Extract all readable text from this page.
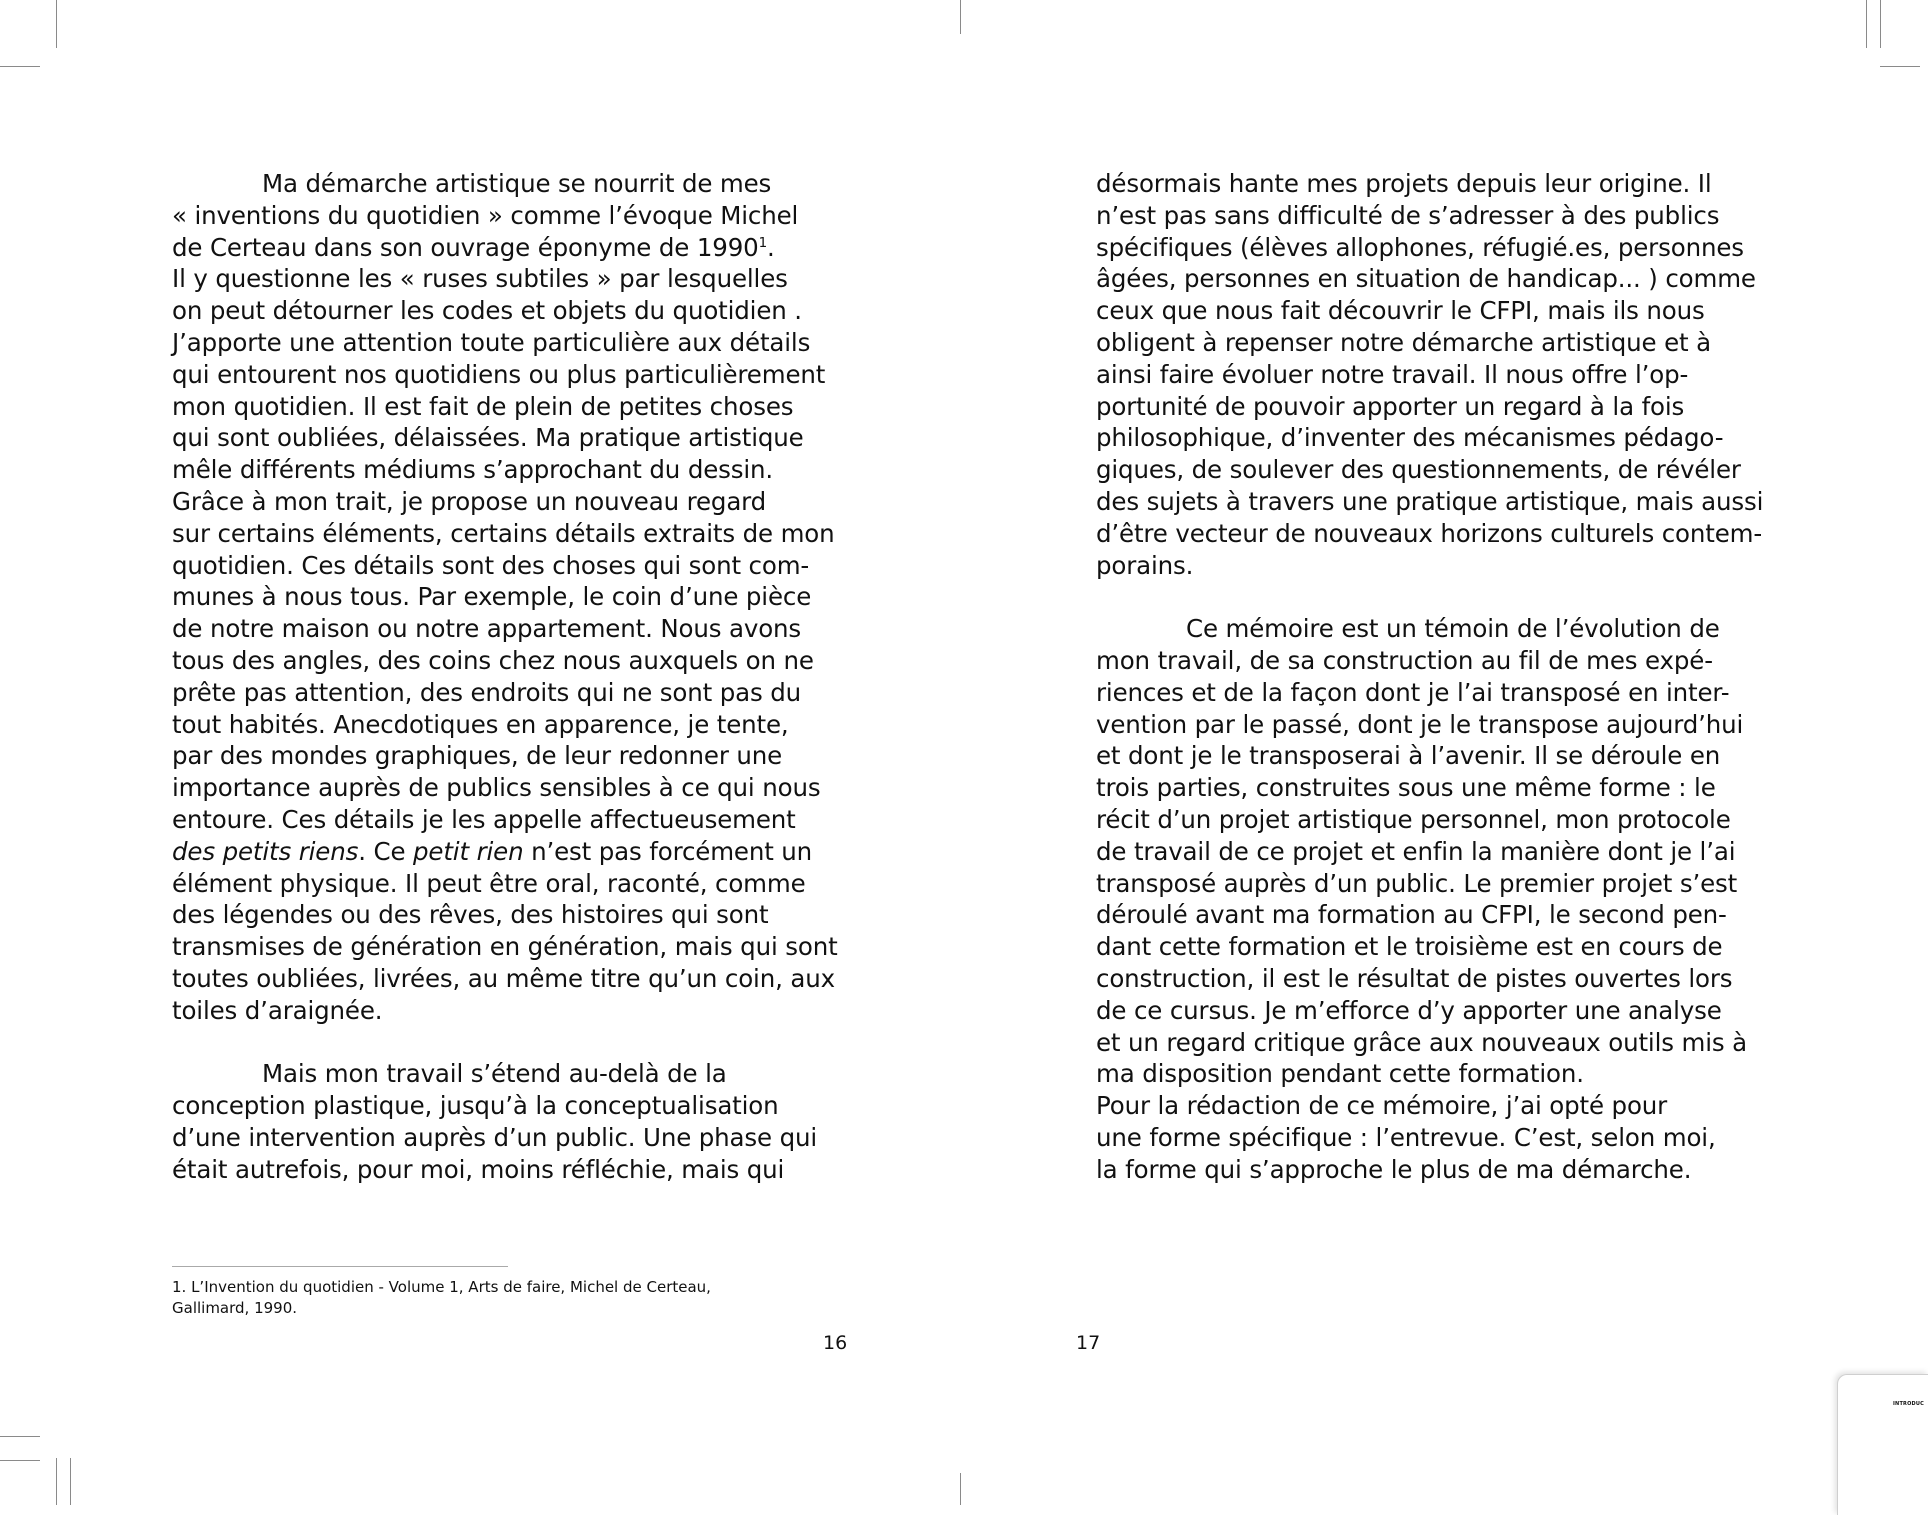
Ma démarche artistique se nourrit de mes
« inventions du quotidien » comme l’évoque Michel
de Certeau dans son ouvrage éponyme de 1990$^1$.
Il y questionne les « ruses subtiles » par lesquelles
on peut détourner les codes et objets du quotidien .
J’apporte une attention toute particulière aux détails
qui entourent nos quotidiens ou plus particulièrement
mon quotidien. Il est fait de plein de petites choses
qui sont oubliées, délaissées. Ma pratique artistique
mêle différents médiums s’approchant du dessin.
Grâce à mon trait, je propose un nouveau regard
sur certains éléments, certains détails extraits de mon
quotidien. Ces détails sont des choses qui sont com-
munes à nous tous. Par exemple, le coin d’une pièce
de notre maison ou notre appartement. Nous avons
tous des angles, des coins chez nous auxquels on ne
prête pas attention, des endroits qui ne sont pas du
tout habités. Anecdotiques en apparence, je tente,
par des mondes graphiques, de leur redonner une
importance auprès de publics sensibles à ce qui nous
entoure. Ces détails je les appelle affectueusement
des petits riens. Ce petit rien n’est pas forcément un
élément physique. Il peut être oral, raconté, comme
des légendes ou des rêves, des histoires qui sont
transmises de génération en génération, mais qui sont
toutes oubliées, livrées, au même titre qu’un coin, aux
toiles d’araignée.
Mais mon travail s’étend au-delà de la
conception plastique, jusqu’à la conceptualisation
d’une intervention auprès d’un public. Une phase qui
était autrefois, pour moi, moins réfléchie, mais qui
1. L’Invention du quotidien - Volume 1, Arts de faire, Michel de Certeau,
Gallimard, 1990.
16
désormais hante mes projets depuis leur origine. Il
n’est pas sans difficulté de s’adresser à des publics
spécifiques (élèves allophones, réfugié.es, personnes
âgées, personnes en situation de handicap... ) comme
ceux que nous fait découvrir le CFPI, mais ils nous
obligent à repenser notre démarche artistique et à
ainsi faire évoluer notre travail. Il nous offre l’op-
portunité de pouvoir apporter un regard à la fois
philosophique, d’inventer des mécanismes pédago-
giques, de soulever des questionnements, de révéler
des sujets à travers une pratique artistique, mais aussi
d’être vecteur de nouveaux horizons culturels contem-
porains.
Ce mémoire est un témoin de l’évolution de
mon travail, de sa construction au fil de mes expé-
riences et de la façon dont je l’ai transposé en inter-
vention par le passé, dont je le transpose aujourd’hui
et dont je le transposerai à l’avenir. Il se déroule en
trois parties, construites sous une même forme : le
récit d’un projet artistique personnel, mon protocole
de travail de ce projet et enfin la manière dont je l’ai
transposé auprès d’un public. Le premier projet s’est
déroulé avant ma formation au CFPI, le second pen-
dant cette formation et le troisième est en cours de
construction, il est le résultat de pistes ouvertes lors
de ce cursus. Je m’efforce d’y apporter une analyse
et un regard critique grâce aux nouveaux outils mis à
ma disposition pendant cette formation.
Pour la rédaction de ce mémoire, j’ai opté pour
une forme spécifique : l’entrevue. C’est, selon moi,
la forme qui s’approche le plus de ma démarche.
17
INTRODUC
